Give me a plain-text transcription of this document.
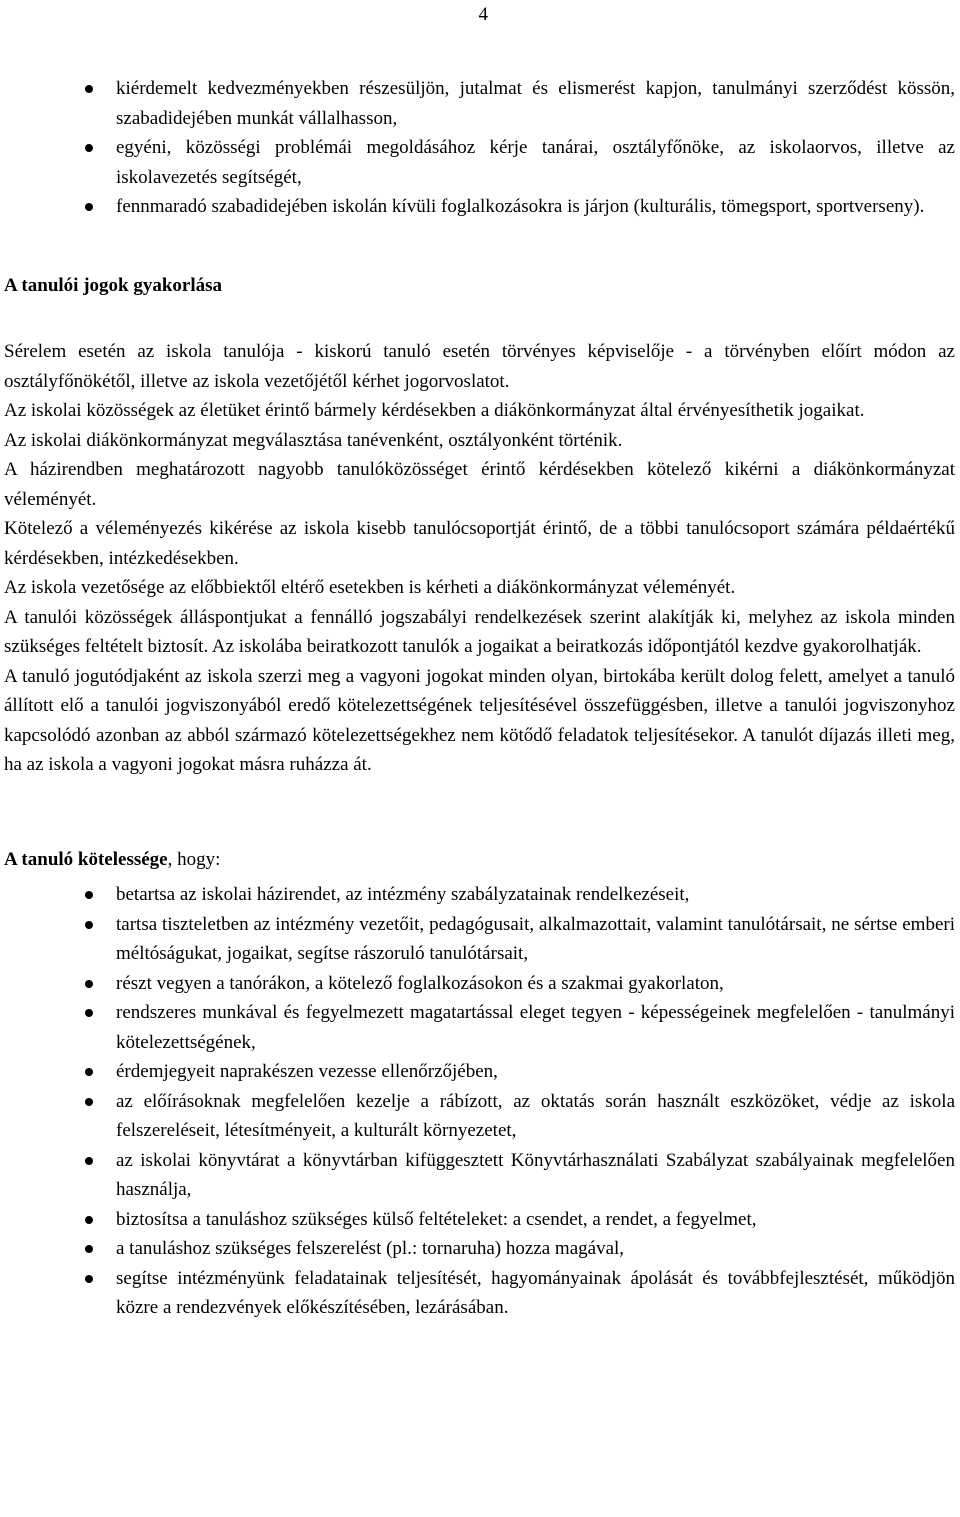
4
kiérdemelt kedvezményekben részesüljön, jutalmat és elismerést kapjon, tanulmányi szerződést kössön, szabadidejében munkát vállalhasson,
egyéni, közösségi problémái megoldásához kérje tanárai, osztályfőnöke, az iskolaorvos, illetve az iskolavezetés segítségét,
fennmaradó szabadidejében iskolán kívüli foglalkozásokra is járjon (kulturális, tömegsport, sportverseny).
A tanulói jogok gyakorlása

Sérelem esetén az iskola tanulója - kiskorú tanuló esetén törvényes képviselője - a törvényben előírt módon az osztályfőnökétől, illetve az iskola vezetőjétől kérhet jogorvoslatot.

Az iskolai közösségek az életüket érintő bármely kérdésekben a diákönkormányzat által érvényesíthetik jogaikat.

Az iskolai diákönkormányzat megválasztása tanévenként, osztályonként történik.

A házirendben meghatározott nagyobb tanulóközösséget érintő kérdésekben kötelező kikérni a diákönkormányzat véleményét.

Kötelező a véleményezés kikérése az iskola kisebb tanulócsoportját érintő, de a többi tanulócsoport számára példaértékű kérdésekben, intézkedésekben.

Az iskola vezetősége az előbbiektől eltérő esetekben is kérheti a diákönkormányzat véleményét.

A tanulói közösségek álláspontjukat a fennálló jogszabályi rendelkezések szerint alakítják ki, melyhez az iskola minden szükséges feltételt biztosít. Az iskolába beiratkozott tanulók a jogaikat a beiratkozás időpontjától kezdve gyakorolhatják.

A tanuló jogutódjaként az iskola szerzi meg a vagyoni jogokat minden olyan, birtokába került dolog felett, amelyet a tanuló állított elő a tanulói jogviszonyából eredő kötelezettségének teljesítésével összefüggésben, illetve a tanulói jogviszonyhoz kapcsolódó azonban az abból származó kötelezettségekhez nem kötődő feladatok teljesítésekor. A tanulót díjazás illeti meg, ha az iskola a vagyoni jogokat másra ruházza át.

A tanuló kötelessége, hogy:

betartsa az iskolai házirendet, az intézmény szabályzatainak rendelkezéseit,
tartsa tiszteletben az intézmény vezetőit, pedagógusait, alkalmazottait, valamint tanulótársait, ne sértse emberi méltóságukat, jogaikat, segítse rászoruló tanulótársait,
részt vegyen a tanórákon, a kötelező foglalkozásokon és a szakmai gyakorlaton,
rendszeres munkával és fegyelmezett magatartással eleget tegyen - képességeinek megfelelően - tanulmányi kötelezettségének,
érdemjegyeit naprakészen vezesse ellenőrzőjében,
az előírásoknak megfelelően kezelje a rábízott, az oktatás során használt eszközöket, védje az iskola felszereléseit, létesítményeit, a kulturált környezetet,
az iskolai könyvtárat a könyvtárban kifüggesztett Könyvtárhasználati Szabályzat szabályainak megfelelően használja,
biztosítsa a tanuláshoz szükséges külső feltételeket: a csendet, a rendet, a fegyelmet,
a tanuláshoz szükséges felszerelést (pl.: tornaruha) hozza magával,
segítse intézményünk feladatainak teljesítését, hagyományainak ápolását és továbbfejlesztését, működjön közre a rendezvények előkészítésében, lezárásában.
